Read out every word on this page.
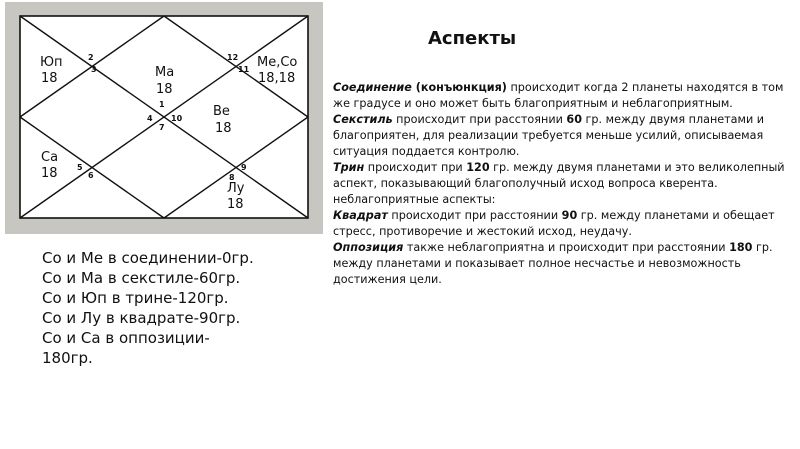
Юп
18	Ма
18
Ме,Со
18,18
Ве
18
Са
18
Лу
18
1
2
3
4
5
6
7
8
9
10
11
12
Аспекты

Соединение (конъюнкция) происходит когда 2 планеты находятся в том же градусе и оно может быть благоприятным и неблагоприятным.

Секстиль происходит при расстоянии 60 гр. между двумя планетами и благоприятен, для реализации требуется меньше усилий, описываемая ситуация поддается контролю.

Трин происходит при 120 гр. между двумя планетами и это великолепный аспект, показывающий благополучный исход вопроса кверента.

неблагоприятные аспекты:

Квадрат происходит при расстоянии 90 гр. между планетами и обещает стресс, противоречие и жестокий исход, неудачу.

Оппозиция также неблагоприятна и происходит при расстоянии 180 гр. между планетами и показывает полное несчастье и невозможность достижения цели.

Со и Ме в соединении-0гр.
Со и Ма в секстиле-60гр.
Со и Юп в трине-120гр.
Со и Лу в квадрате-90гр.
Со и Са в оппозиции-
180гр.
